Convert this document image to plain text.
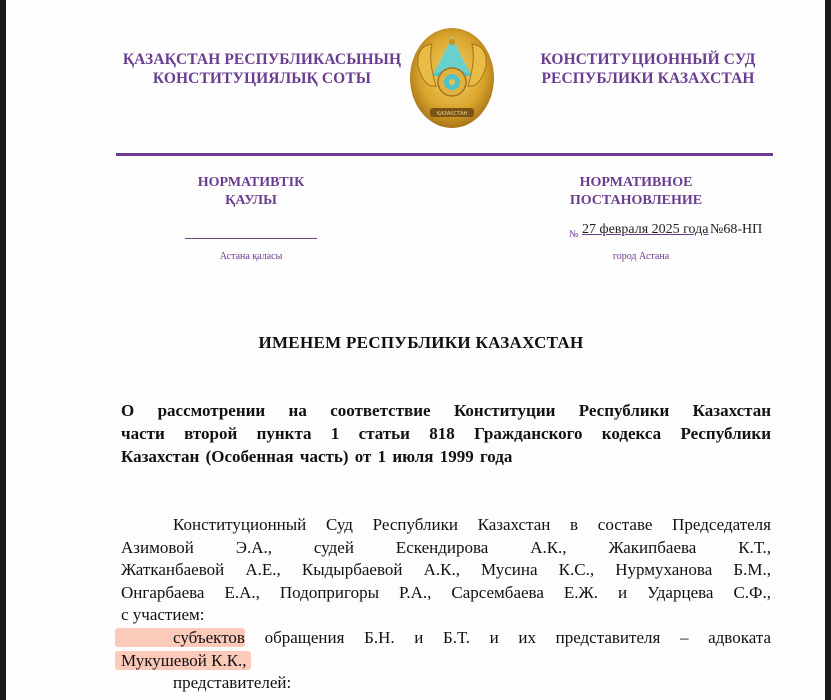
ҚАЗАҚСТАН РЕСПУБЛИКАСЫНЫҢ
КОНСТИТУЦИЯЛЫҚ СОТЫ
ҚАЗАҚСТАН
КОНСТИТУЦИОННЫЙ СУД
РЕСПУБЛИКИ КАЗАХСТАН
НОРМАТИВТІК
ҚАУЛЫ
Астана қаласы
НОРМАТИВНОЕ
ПОСТАНОВЛЕНИЕ
№ 27 февраля 2025 года №68-НП
город Астана
ИМЕНЕМ РЕСПУБЛИКИ КАЗАХСТАН
О рассмотрении на соответствие Конституции Республики Казахстан
части второй пункта 1 статьи 818 Гражданского кодекса Республики
Казахстан (Особенная часть) от 1 июля 1999 года
Конституционный Суд Республики Казахстан в составе Председателя
Азимовой Э.А., судей Ескендирова А.К., Жакипбаева К.Т.,
Жатканбаевой А.Е., Кыдырбаевой А.К., Мусина К.С., Нурмуханова Б.М.,
Онгарбаева Е.А., Подопригоры Р.А., Сарсембаева Е.Ж. и Ударцева С.Ф.,
с участием:
субъектов обращения Б.Н. и Б.Т. и их представителя – адвоката
Мукушевой К.К.,
представителей:
